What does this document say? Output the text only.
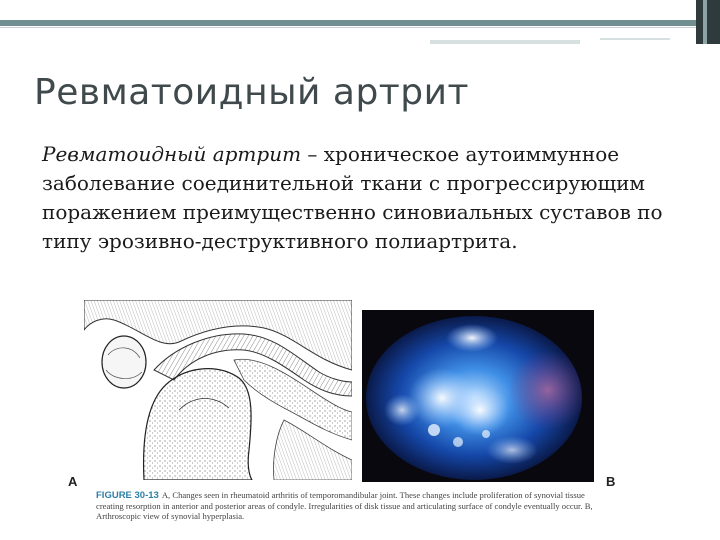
Ревматоидный артрит
Ревматоидный артрит – хроническое аутоиммунное заболевание соединительной ткани с прогрессирующим поражением преимущественно синовиальных суставов по типу эрозивно-деструктивного полиартрита.
A	B
FIGURE 30-13 A, Changes seen in rheumatoid arthritis of temporomandibular joint. These changes include proliferation of synovial tissue creating resorption in anterior and posterior areas of condyle. Irregularities of disk tissue and articulating surface of condyle eventually occur. B, Arthroscopic view of synovial hyperplasia.
